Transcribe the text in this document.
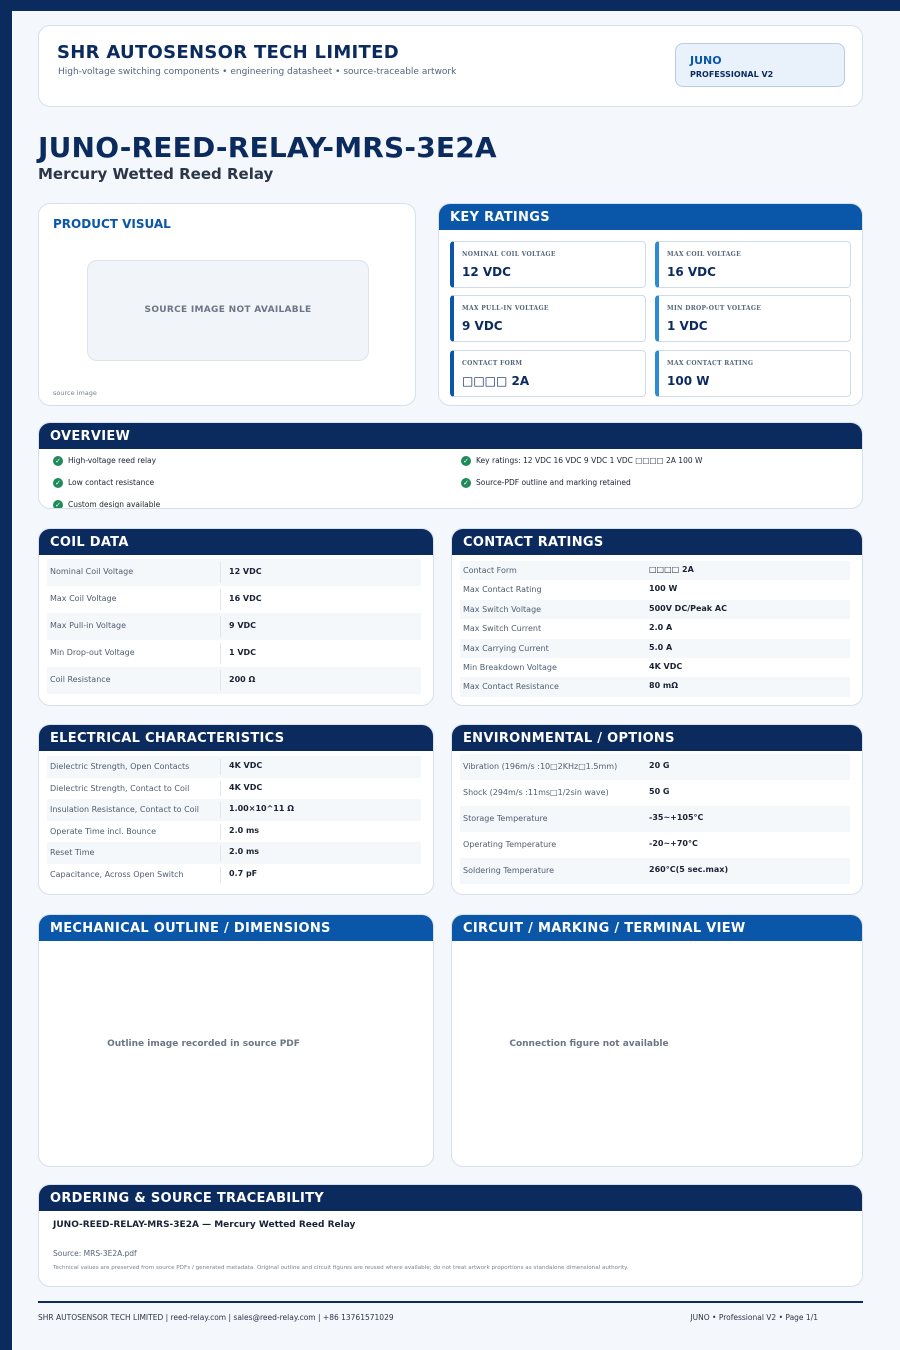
SHR AUTOSENSOR TECH LIMITED
High-voltage switching components • engineering datasheet • source-traceable artwork
JUNO
PROFESSIONAL V2
JUNO-REED-RELAY-MRS-3E2A
Mercury Wetted Reed Relay
PRODUCT VISUAL
SOURCE IMAGE NOT AVAILABLE
source image
KEY RATINGS
NOMINAL COIL VOLTAGE
12 VDC
MAX COIL VOLTAGE
16 VDC
MAX PULL-IN VOLTAGE
9 VDC
MIN DROP-OUT VOLTAGE
1 VDC
CONTACT FORM
□□□□ 2A
MAX CONTACT RATING
100 W
OVERVIEW
✓ High-voltage reed relay
✓ Low contact resistance
✓ Custom design available
✓ Key ratings: 12 VDC 16 VDC 9 VDC 1 VDC □□□□ 2A 100 W
✓ Source-PDF outline and marking retained
COIL DATA
Nominal Coil Voltage	12 VDC
Max Coil Voltage	16 VDC
Max Pull-in Voltage	9 VDC
Min Drop-out Voltage	1 VDC
Coil Resistance	200 Ω
CONTACT RATINGS
Contact Form	□□□□ 2A
Max Contact Rating	100 W
Max Switch Voltage	500V DC/Peak AC
Max Switch Current	2.0 A
Max Carrying Current	5.0 A
Min Breakdown Voltage	4K VDC
Max Contact Resistance	80 mΩ
ELECTRICAL CHARACTERISTICS
Dielectric Strength, Open Contacts	4K VDC
Dielectric Strength, Contact to Coil	4K VDC
Insulation Resistance, Contact to Coil	1.00×10^11 Ω
Operate Time incl. Bounce	2.0 ms
Reset Time	2.0 ms
Capacitance, Across Open Switch	0.7 pF
ENVIRONMENTAL / OPTIONS
Vibration (196m/s :10□2KHz□1.5mm)	20 G
Shock (294m/s :11ms□1/2sin wave)	50 G
Storage Temperature	-35~+105°C
Operating Temperature	-20~+70°C
Soldering Temperature	260°C(5 sec.max)
MECHANICAL OUTLINE / DIMENSIONS
Outline image recorded in source PDF
CIRCUIT / MARKING / TERMINAL VIEW
Connection figure not available
ORDERING & SOURCE TRACEABILITY
JUNO-REED-RELAY-MRS-3E2A — Mercury Wetted Reed Relay
Source: MRS-3E2A.pdf
Technical values are preserved from source PDFs / generated metadata. Original outline and circuit figures are reused where available; do not treat artwork proportions as standalone dimensional authority.
SHR AUTOSENSOR TECH LIMITED | reed-relay.com | sales@reed-relay.com | +86 13761571029	JUNO • Professional V2 • Page 1/1
